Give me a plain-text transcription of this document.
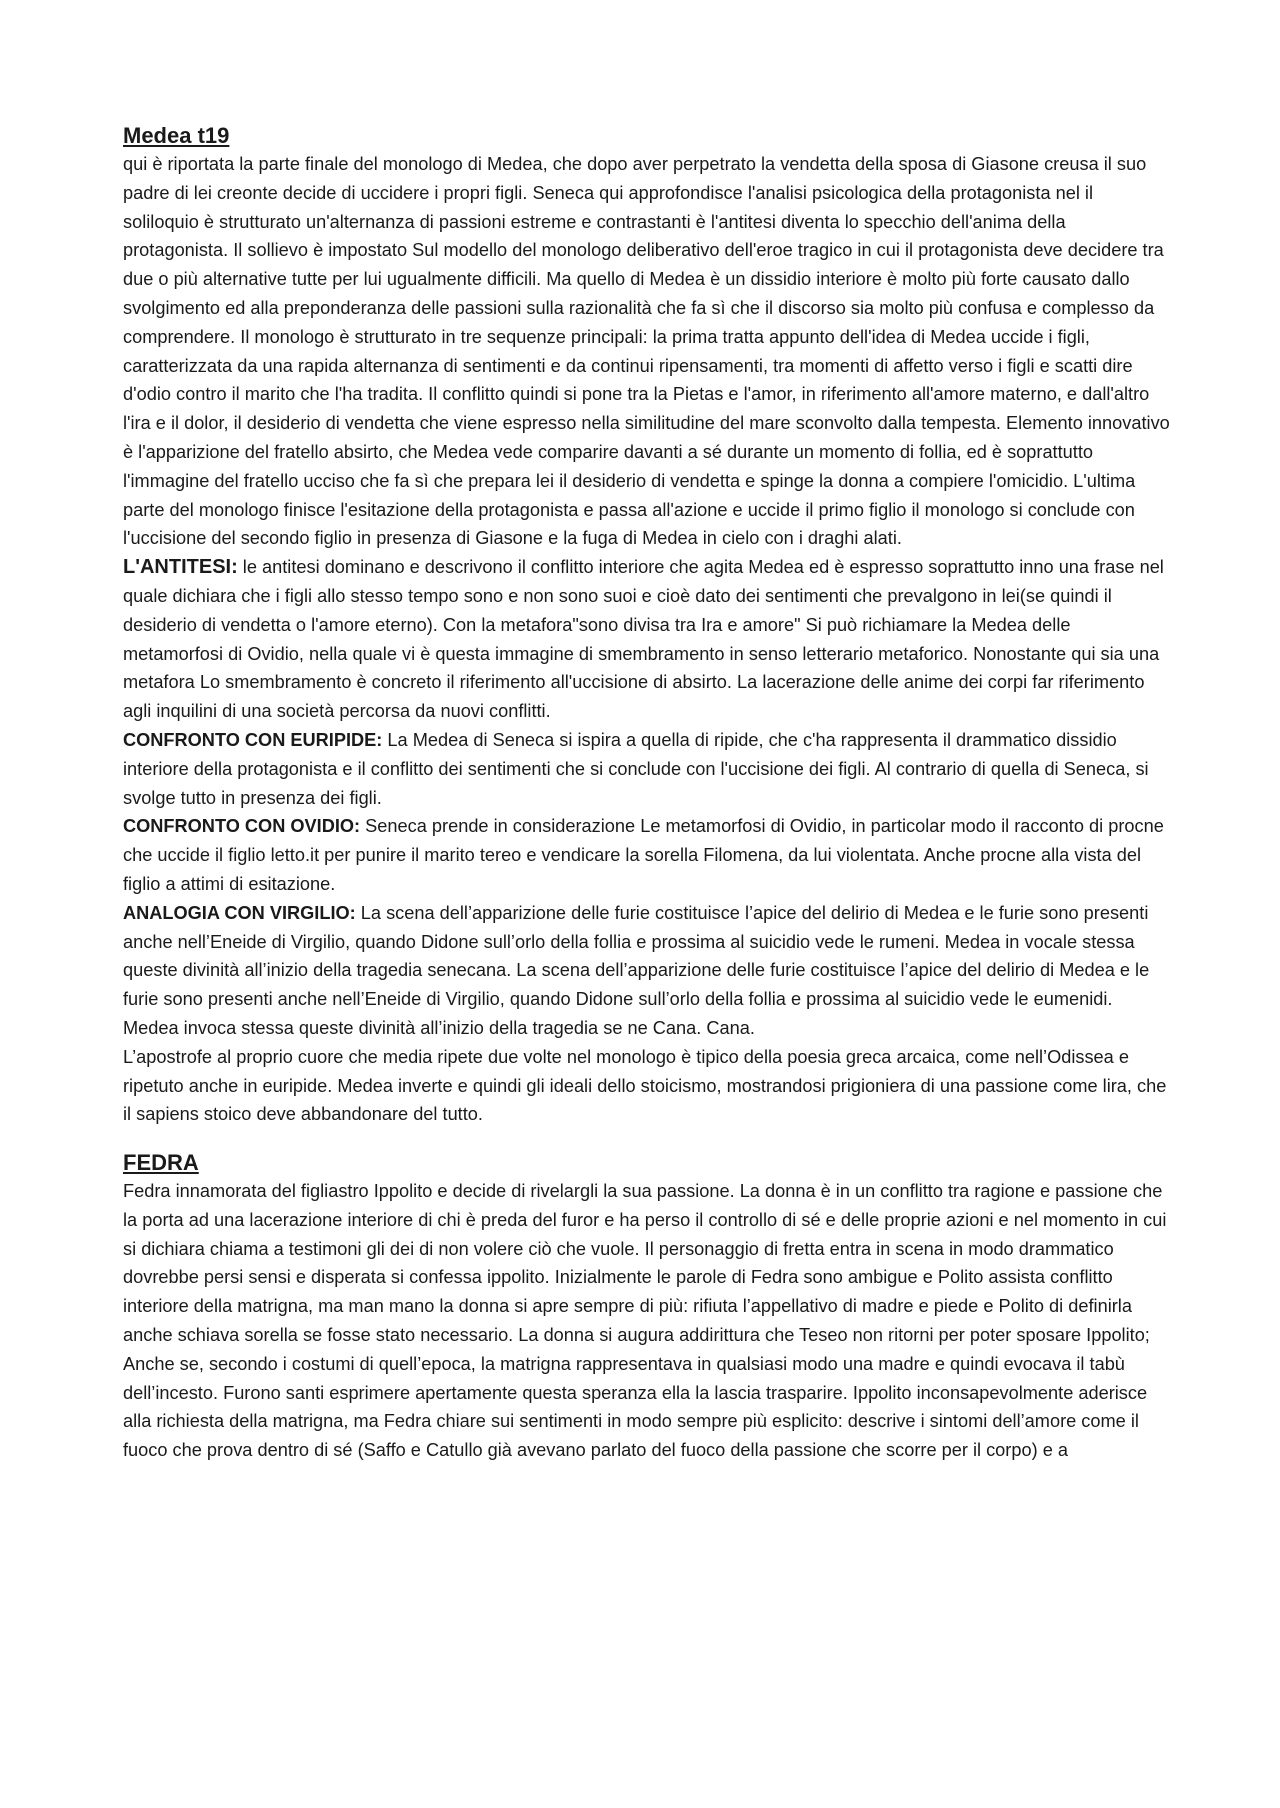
Medea t19

qui è riportata la parte finale del monologo di Medea, che dopo aver perpetrato la vendetta della sposa di Giasone creusa il suo padre di lei creonte decide di uccidere i propri figli. Seneca qui approfondisce l'analisi psicologica della protagonista nel il soliloquio è strutturato un'alternanza di passioni estreme e contrastanti è l'antitesi diventa lo specchio dell'anima della protagonista. Il sollievo è impostato Sul modello del monologo deliberativo dell'eroe tragico in cui il protagonista deve decidere tra due o più alternative tutte per lui ugualmente difficili. Ma quello di Medea è un dissidio interiore è molto più forte causato dallo svolgimento ed alla preponderanza delle passioni sulla razionalità che fa sì che il discorso sia molto più confusa e complesso da comprendere. Il monologo è strutturato in tre sequenze principali: la prima tratta appunto dell'idea di Medea uccide i figli, caratterizzata da una rapida alternanza di sentimenti e da continui ripensamenti, tra momenti di affetto verso i figli e scatti dire d'odio contro il marito che l'ha tradita. Il conflitto quindi si pone tra la Pietas e l'amor, in riferimento all'amore materno, e dall'altro l'ira e il dolor, il desiderio di vendetta che viene espresso nella similitudine del mare sconvolto dalla tempesta. Elemento innovativo è l'apparizione del fratello absirto, che Medea vede comparire davanti a sé durante un momento di follia, ed è soprattutto l'immagine del fratello ucciso che fa sì che prepara lei il desiderio di vendetta e spinge la donna a compiere l'omicidio. L'ultima parte del monologo finisce l'esitazione della protagonista e passa all'azione e uccide il primo figlio il monologo si conclude con l'uccisione del secondo figlio in presenza di Giasone e la fuga di Medea in cielo con i draghi alati.

L'ANTITESI: le antitesi dominano e descrivono il conflitto interiore che agita Medea ed è espresso soprattutto inno una frase nel quale dichiara che i figli allo stesso tempo sono e non sono suoi e cioè dato dei sentimenti che prevalgono in lei(se quindi il desiderio di vendetta o l'amore eterno). Con la metafora"sono divisa tra Ira e amore" Si può richiamare la Medea delle metamorfosi di Ovidio, nella quale vi è questa immagine di smembramento in senso letterario metaforico. Nonostante qui sia una metafora Lo smembramento è concreto il riferimento all'uccisione di absirto. La lacerazione delle anime dei corpi far riferimento agli inquilini di una società percorsa da nuovi conflitti.

CONFRONTO CON EURIPIDE: La Medea di Seneca si ispira a quella di ripide, che c'ha rappresenta il drammatico dissidio interiore della protagonista e il conflitto dei sentimenti che si conclude con l'uccisione dei figli. Al contrario di quella di Seneca, si svolge tutto in presenza dei figli.

CONFRONTO CON OVIDIO: Seneca prende in considerazione Le metamorfosi di Ovidio, in particolar modo il racconto di procne che uccide il figlio letto.it per punire il marito tereo e vendicare la sorella Filomena, da lui violentata. Anche procne alla vista del figlio a attimi di esitazione.

ANALOGIA CON VIRGILIO: La scena dell’apparizione delle furie costituisce l’apice del delirio di Medea e le furie sono presenti anche nell’Eneide di Virgilio, quando Didone sull’orlo della follia e prossima al suicidio vede le rumeni. Medea in vocale stessa queste divinità all’inizio della tragedia senecana. La scena dell’apparizione delle furie costituisce l’apice del delirio di Medea e le furie sono presenti anche nell’Eneide di Virgilio, quando Didone sull’orlo della follia e prossima al suicidio vede le eumenidi. Medea invoca stessa queste divinità all’inizio della tragedia se ne Cana. Cana.

L’apostrofe al proprio cuore che media ripete due volte nel monologo è tipico della poesia greca arcaica, come nell’Odissea e ripetuto anche in euripide. Medea inverte e quindi gli ideali dello stoicismo, mostrandosi prigioniera di una passione come lira, che il sapiens stoico deve abbandonare del tutto.

FEDRA

Fedra innamorata del figliastro Ippolito e decide di rivelargli la sua passione. La donna è in un conflitto tra ragione e passione che la porta ad una lacerazione interiore di chi è preda del furor e ha perso il controllo di sé e delle proprie azioni e nel momento in cui si dichiara chiama a testimoni gli dei di non volere ciò che vuole. Il personaggio di fretta entra in scena in modo drammatico dovrebbe persi sensi e disperata si confessa ippolito. Inizialmente le parole di Fedra sono ambigue e Polito assista conflitto interiore della matrigna, ma man mano la donna si apre sempre di più: rifiuta l’appellativo di madre e piede e Polito di definirla anche schiava sorella se fosse stato necessario. La donna si augura addirittura che Teseo non ritorni per poter sposare Ippolito; Anche se, secondo i costumi di quell’epoca, la matrigna rappresentava in qualsiasi modo una madre e quindi evocava il tabù dell’incesto. Furono santi esprimere apertamente questa speranza ella la lascia trasparire. Ippolito inconsapevolmente aderisce alla richiesta della matrigna, ma Fedra chiare sui sentimenti in modo sempre più esplicito: descrive i sintomi dell’amore come il fuoco che prova dentro di sé (Saffo e Catullo già avevano parlato del fuoco della passione che scorre per il corpo) e a
